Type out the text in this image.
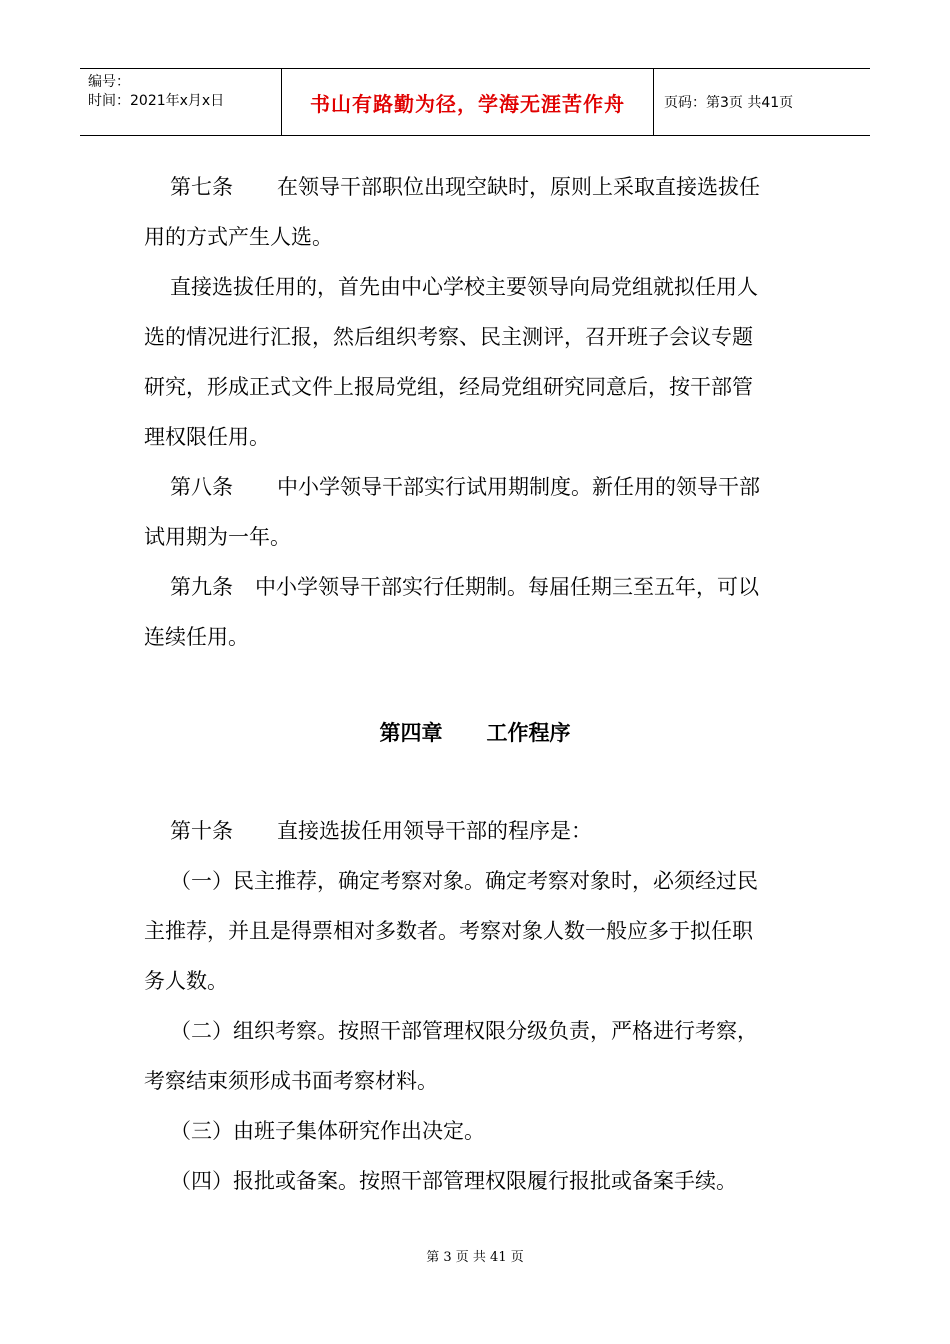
编号：
时间：2021年x月x日	书山有路勤为径，学海无涯苦作舟	页码：第3页 共41页

第七条 在领导干部职位出现空缺时，原则上采取直接选拔任

用的方式产生人选。

直接选拔任用的，首先由中心学校主要领导向局党组就拟任用人

选的情况进行汇报，然后组织考察、民主测评，召开班子会议专题

研究，形成正式文件上报局党组，经局党组研究同意后，按干部管

理权限任用。

第八条 中小学领导干部实行试用期制度。新任用的领导干部

试用期为一年。

第九条 中小学领导干部实行任期制。每届任期三至五年，可以

连续任用。

第四章 工作程序

第十条 直接选拔任用领导干部的程序是：

（一）民主推荐，确定考察对象。确定考察对象时，必须经过民

主推荐，并且是得票相对多数者。考察对象人数一般应多于拟任职

务人数。

（二）组织考察。按照干部管理权限分级负责，严格进行考察，

考察结束须形成书面考察材料。

（三）由班子集体研究作出决定。

（四）报批或备案。按照干部管理权限履行报批或备案手续。

第 3 页 共 41 页
